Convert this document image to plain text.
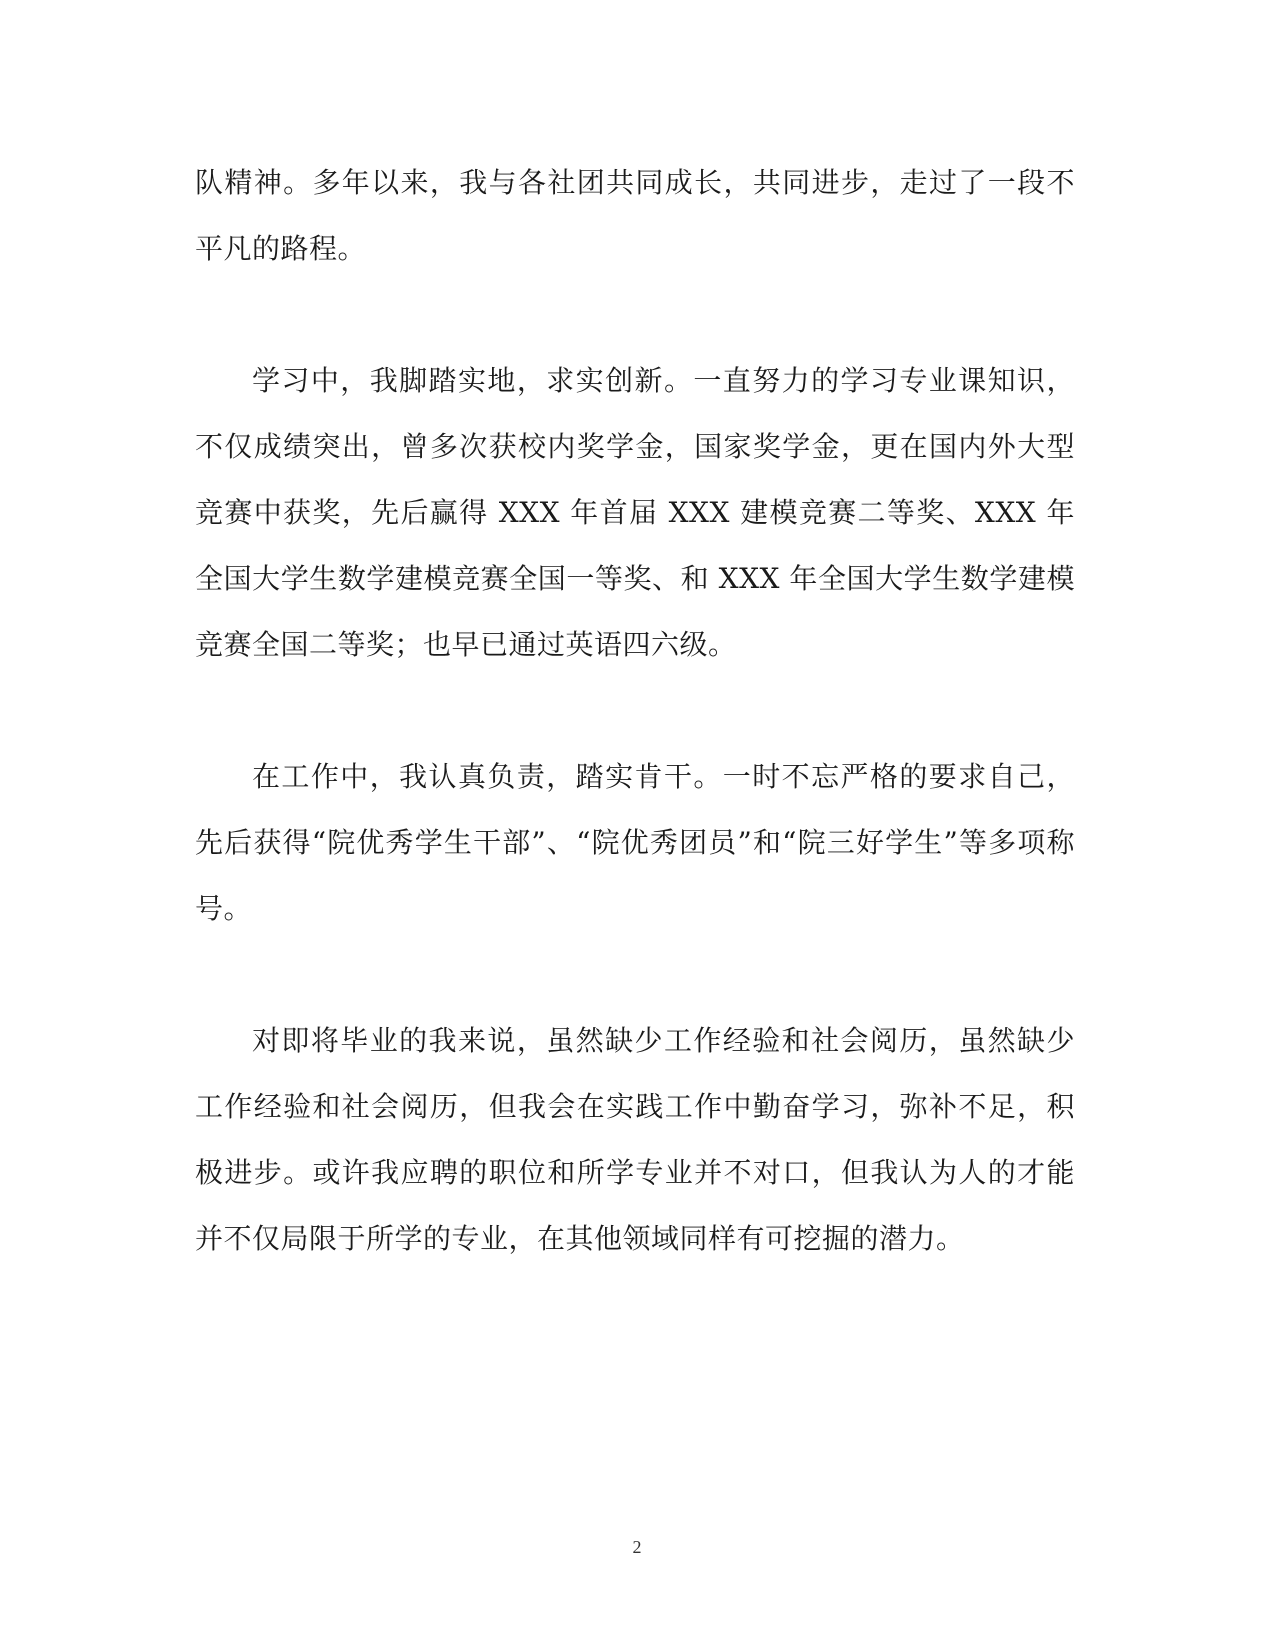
队精神。多年以来，我与各社团共同成长，共同进步，走过了一段不平凡的路程。

学习中，我脚踏实地，求实创新。一直努力的学习专业课知识，不仅成绩突出，曾多次获校内奖学金，国家奖学金，更在国内外大型竞赛中获奖，先后赢得 XXX 年首届 XXX 建模竞赛二等奖、XXX 年全国大学生数学建模竞赛全国一等奖、和 XXX 年全国大学生数学建模竞赛全国二等奖；也早已通过英语四六级。

在工作中，我认真负责，踏实肯干。一时不忘严格的要求自己，先后获得“院优秀学生干部”、“院优秀团员”和“院三好学生”等多项称号。

对即将毕业的我来说，虽然缺少工作经验和社会阅历，虽然缺少工作经验和社会阅历，但我会在实践工作中勤奋学习，弥补不足，积极进步。或许我应聘的职位和所学专业并不对口，但我认为人的才能并不仅局限于所学的专业，在其他领域同样有可挖掘的潜力。

2
